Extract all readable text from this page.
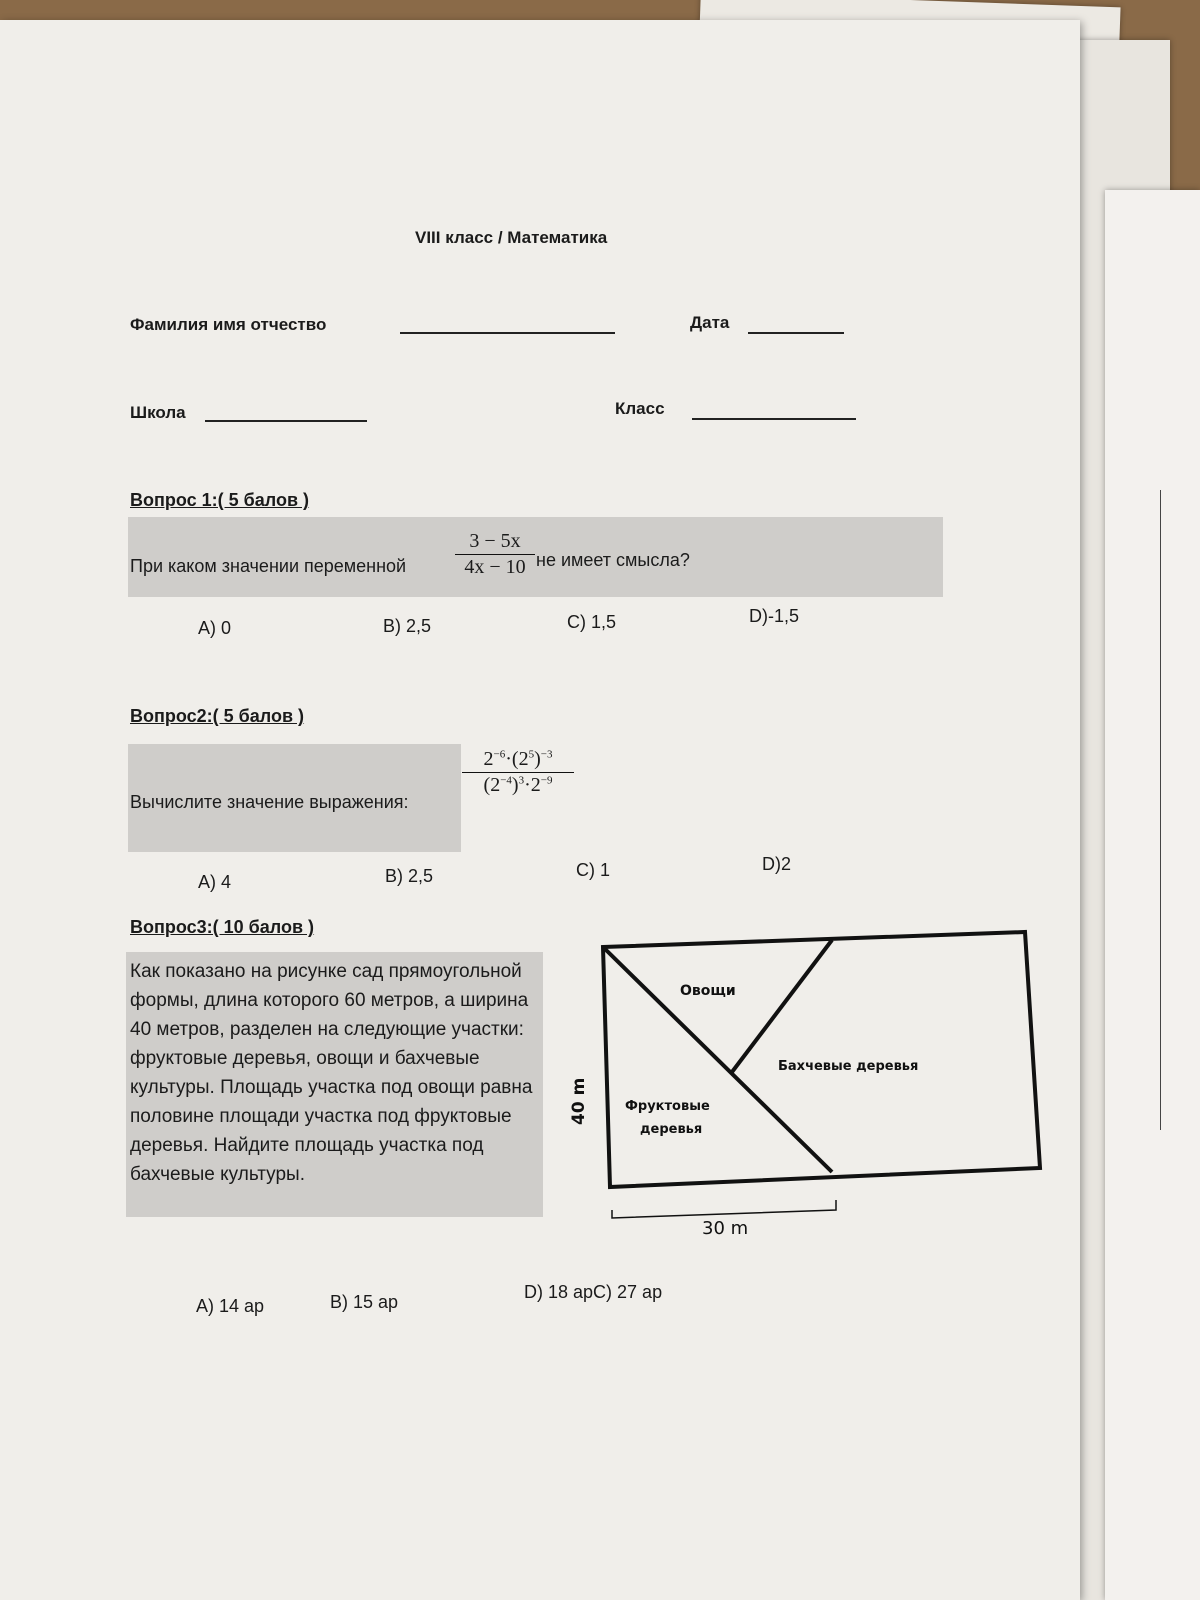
VIII класс / Математика
Фамилия имя отчество	Дата
Школа	Класс
Вопрос 1:( 5 балов )
При каком значении переменной
3 − 5x
4x − 10 не имеет смысла?
A) 0	B) 2,5	C) 1,5	D)-1,5
Вопрос2:( 5 балов )
Вычислите значение выражения:
$2^{-6}\cdot(2^5)^{-3}$
$(2^{-4})^3\cdot 2^{-9}$
A) 4	B) 2,5	C) 1	D)2
Вопрос3:( 10 балов )
Как показано на рисунке сад прямоугольной формы, длина которого 60 метров, а ширина 40 метров, разделен на следующие участки: фруктовые деревья, овощи и бахчевые культуры. Площадь участка под овощи равна половине площади участка под фруктовые деревья. Найдите площадь участка под бахчевые культуры.
Овощи
Бахчевые деревья
Фруктовые
деревья
40 m
30 m
A) 14 ар	B) 15 ар	D) 18 арC) 27 ар
